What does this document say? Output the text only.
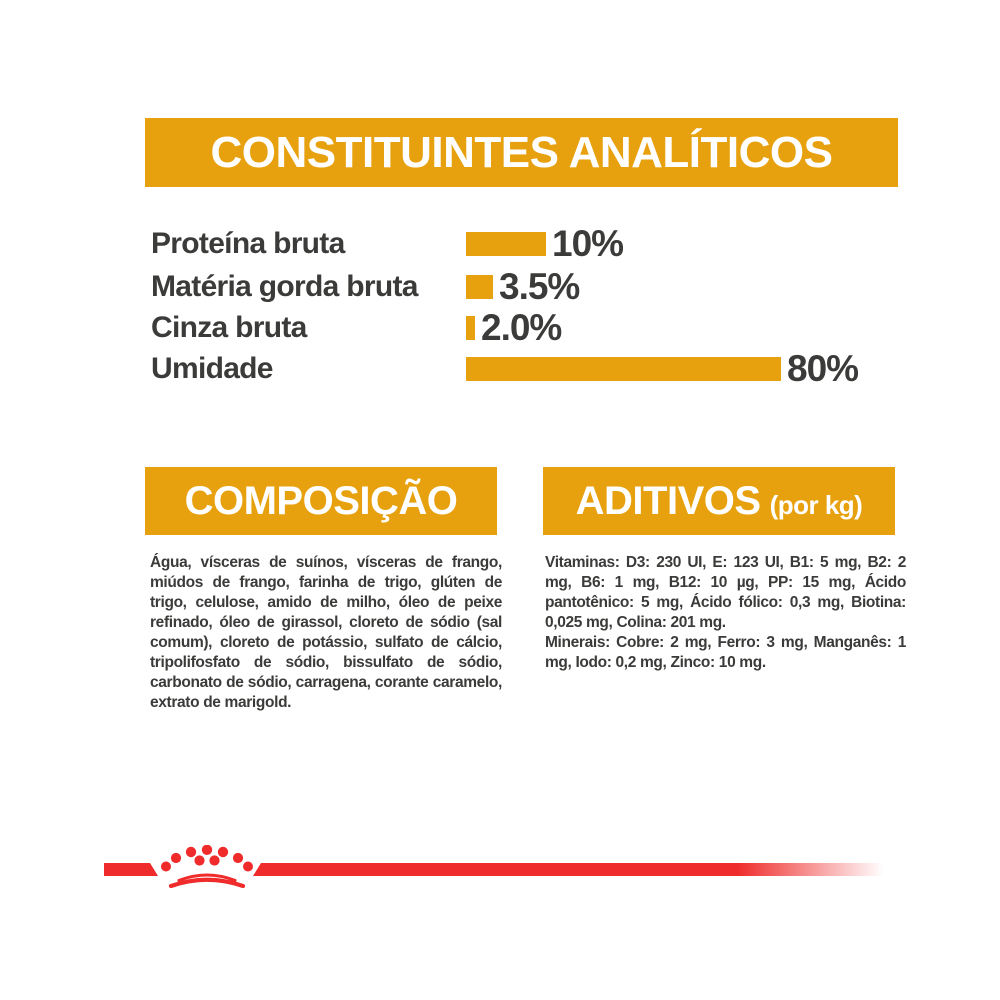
CONSTITUINTES ANALÍTICOS
Proteína bruta	10%
Matéria gorda bruta	3.5%
Cinza bruta	2.0%
Umidade	80%
COMPOSIÇÃO

Água, vísceras de suínos, vísceras de frango, miúdos de frango, farinha de trigo, glúten de trigo, celulose, amido de milho, óleo de peixe refinado, óleo de girassol, cloreto de sódio (sal comum), cloreto de potássio, sulfato de cálcio, tripolifosfato de sódio, bissulfato de sódio, carbonato de sódio, carragena, corante caramelo, extrato de marigold.

ADITIVOS (por kg)

Vitaminas: D3: 230 UI, E: 123 UI, B1: 5 mg, B2: 2 mg, B6: 1 mg, B12: 10 µg, PP: 15 mg, Ácido pantotênico: 5 mg, Ácido fólico: 0,3 mg, Biotina: 0,025 mg, Colina: 201 mg.

Minerais: Cobre: 2 mg, Ferro: 3 mg, Manganês: 1 mg, Iodo: 0,2 mg, Zinco: 10 mg.
